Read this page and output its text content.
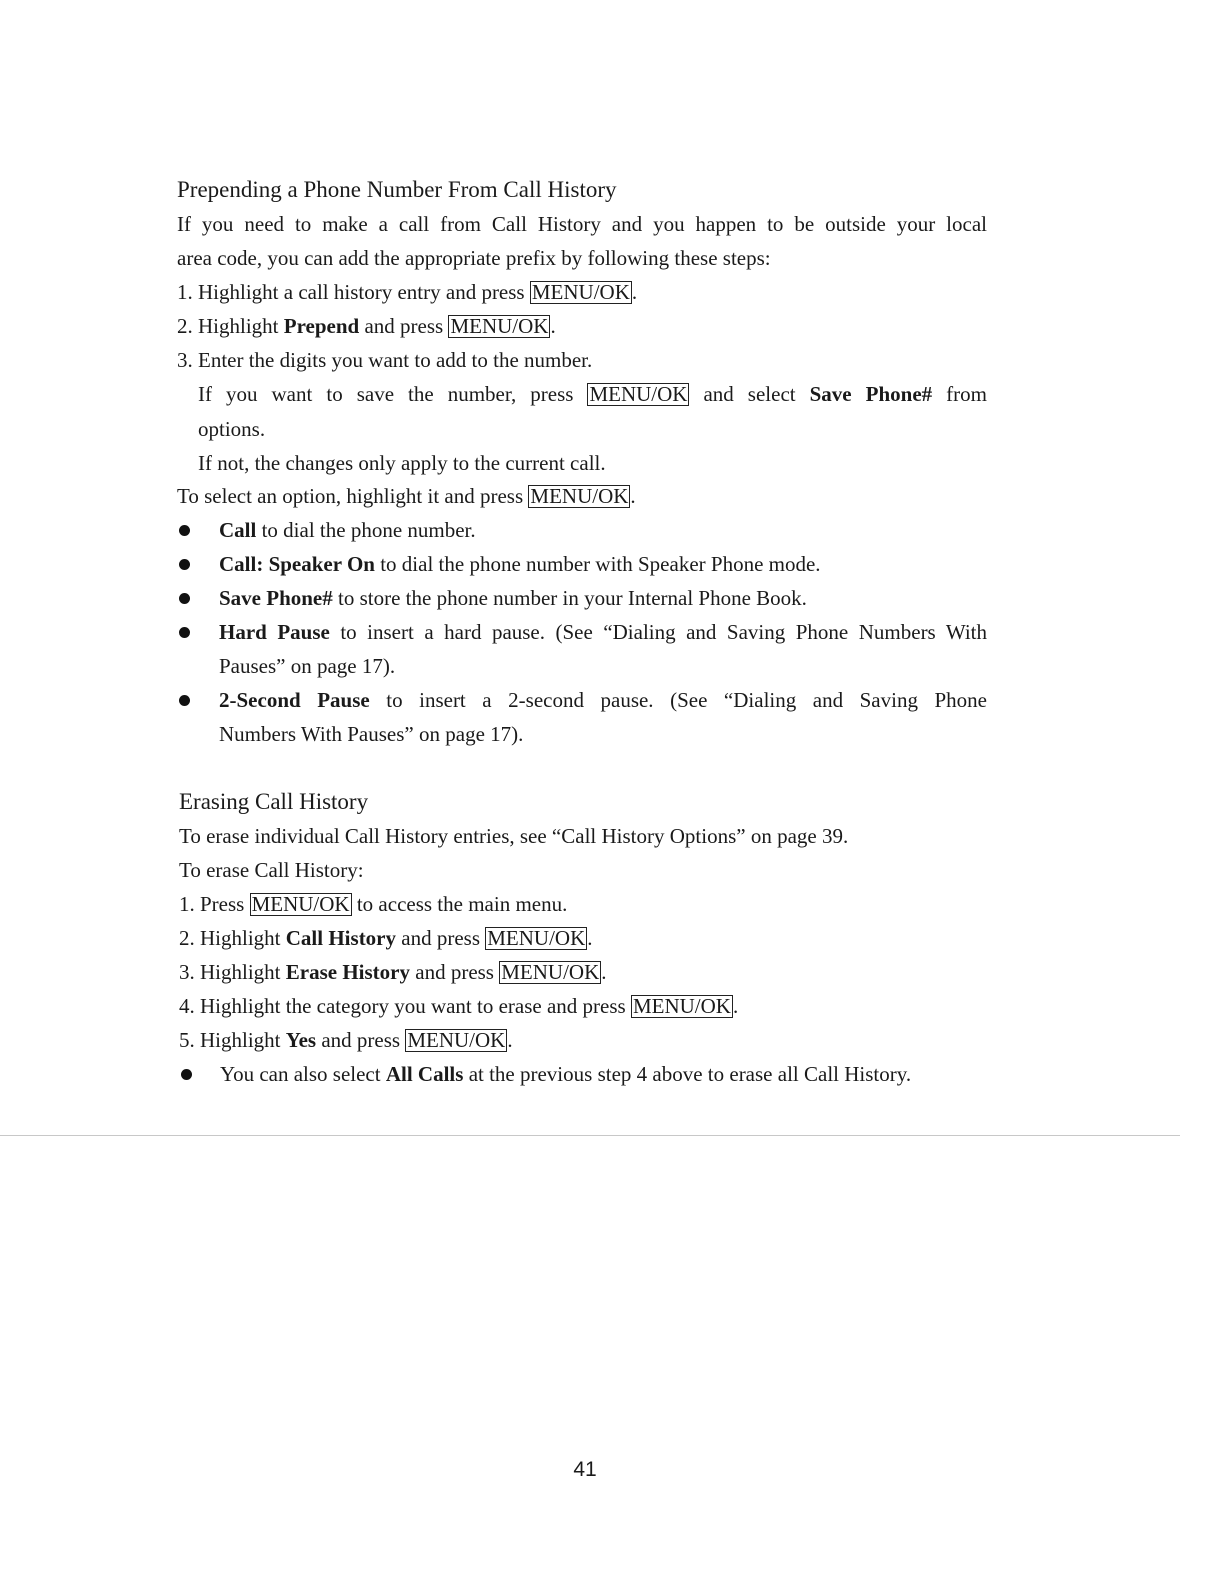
Prepending a Phone Number From Call History
If you need to make a call from Call History and you happen to be outside your local
area code, you can add the appropriate prefix by following these steps:
1. Highlight a call history entry and press MENU/OK.
2. Highlight Prepend and press MENU/OK.
3. Enter the digits you want to add to the number.
If you want to save the number, press MENU/OK and select Save Phone# from
options.
If not, the changes only apply to the current call.
To select an option, highlight it and press MENU/OK.
Call to dial the phone number.
Call: Speaker On to dial the phone number with Speaker Phone mode.
Save Phone# to store the phone number in your Internal Phone Book.
Hard Pause to insert a hard pause. (See “Dialing and Saving Phone Numbers With
Pauses” on page 17).
2-Second Pause to insert a 2-second pause. (See “Dialing and Saving Phone
Numbers With Pauses” on page 17).
Erasing Call History
To erase individual Call History entries, see “Call History Options” on page 39.
To erase Call History:
1. Press MENU/OK to access the main menu.
2. Highlight Call History and press MENU/OK.
3. Highlight Erase History and press MENU/OK.
4. Highlight the category you want to erase and press MENU/OK.
5. Highlight Yes and press MENU/OK.
You can also select All Calls at the previous step 4 above to erase all Call History.
41
